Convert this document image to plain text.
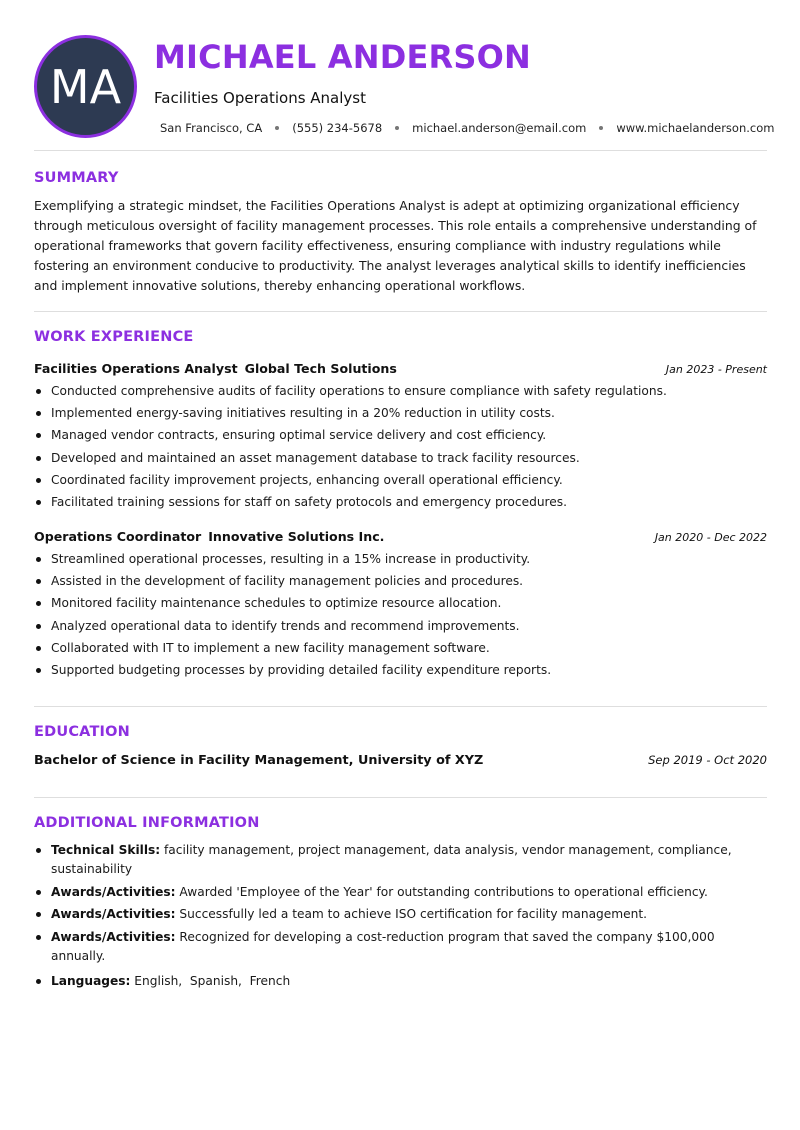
MA
MICHAEL ANDERSON
Facilities Operations Analyst
San Francisco, CA	(555) 234-5678	michael.anderson@email.com	www.michaelanderson.com
SUMMARY
Exemplifying a strategic mindset, the Facilities Operations Analyst is adept at optimizing organizational efficiency through meticulous oversight of facility management processes. This role entails a comprehensive understanding of operational frameworks that govern facility effectiveness, ensuring compliance with industry regulations while fostering an environment conducive to productivity. The analyst leverages analytical skills to identify inefficiencies and implement innovative solutions, thereby enhancing operational workflows.
WORK EXPERIENCE
Facilities Operations Analyst Global Tech Solutions	Jan 2023 - Present
Conducted comprehensive audits of facility operations to ensure compliance with safety regulations.
Implemented energy-saving initiatives resulting in a 20% reduction in utility costs.
Managed vendor contracts, ensuring optimal service delivery and cost efficiency.
Developed and maintained an asset management database to track facility resources.
Coordinated facility improvement projects, enhancing overall operational efficiency.
Facilitated training sessions for staff on safety protocols and emergency procedures.
Operations Coordinator Innovative Solutions Inc.	Jan 2020 - Dec 2022
Streamlined operational processes, resulting in a 15% increase in productivity.
Assisted in the development of facility management policies and procedures.
Monitored facility maintenance schedules to optimize resource allocation.
Analyzed operational data to identify trends and recommend improvements.
Collaborated with IT to implement a new facility management software.
Supported budgeting processes by providing detailed facility expenditure reports.
EDUCATION
Bachelor of Science in Facility Management, University of XYZ	Sep 2019 - Oct 2020
ADDITIONAL INFORMATION
Technical Skills: facility management, project management, data analysis, vendor management, compliance, sustainability
Awards/Activities: Awarded 'Employee of the Year' for outstanding contributions to operational efficiency.
Awards/Activities: Successfully led a team to achieve ISO certification for facility management.
Awards/Activities: Recognized for developing a cost-reduction program that saved the company $100,000 annually.
Languages: English,  Spanish,  French
